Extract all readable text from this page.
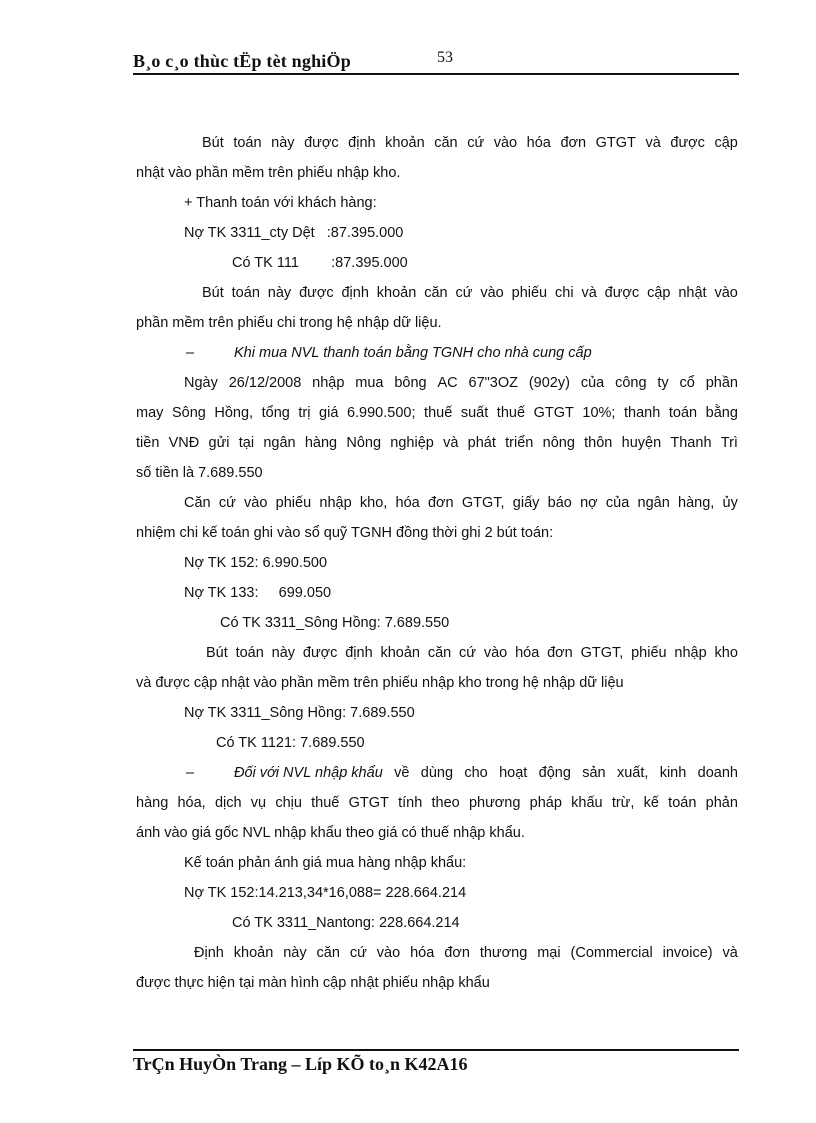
B¸o c¸o thùc tËp tèt nghiÖp	53
Bút toán này được định khoản căn cứ vào hóa đơn GTGT và được cập
nhật vào phần mềm trên phiếu nhập kho.
+ Thanh toán với khách hàng:
Nợ TK 3311_cty Dệt   :87.395.000
Có TK 111        :87.395.000
Bút toán này được định khoản căn cứ vào phiếu chi và được cập nhật vào
phần mềm trên phiếu chi trong hệ nhập dữ liệu.
–	Khi mua NVL thanh toán bằng TGNH cho nhà cung cấp
Ngày 26/12/2008 nhập mua bông AC 67"3OZ (902y) của công ty cổ phần
may Sông Hồng, tổng trị giá 6.990.500; thuế suất thuế GTGT 10%; thanh toán bằng
tiền VNĐ gửi tại ngân hàng Nông nghiệp và phát triển nông thôn huyện Thanh Trì
số tiền là 7.689.550
Căn cứ vào phiếu nhập kho, hóa đơn GTGT, giấy báo nợ của ngân hàng, ủy
nhiệm chi kế toán ghi vào sổ quỹ TGNH đồng thời ghi 2 bút toán:
Nợ TK 152: 6.990.500
Nợ TK 133:     699.050
Có TK 3311_Sông Hồng: 7.689.550
Bút toán này được định khoản căn cứ vào hóa đơn GTGT, phiếu nhập kho
và được cập nhật vào phần mềm trên phiếu nhập kho trong hệ nhập dữ liệu
Nợ TK 3311_Sông Hồng: 7.689.550
Có TK 1121: 7.689.550
–	Đối với NVL nhập khẩu về dùng cho hoạt động sản xuất, kinh doanh
hàng hóa, dịch vụ chịu thuế GTGT tính theo phương pháp khấu trừ, kế toán phản
ánh vào giá gốc NVL nhập khẩu theo giá có thuế nhập khẩu.
Kế toán phản ánh giá mua hàng nhập khẩu:
Nợ TK 152:14.213,34*16,088= 228.664.214
Có TK 3311_Nantong: 228.664.214
Định khoản này căn cứ vào hóa đơn thương mại (Commercial invoice) và
được thực hiện tại màn hình cập nhật phiếu nhập khẩu
TrÇn HuyÒn Trang – Líp KÕ to¸n K42A16
